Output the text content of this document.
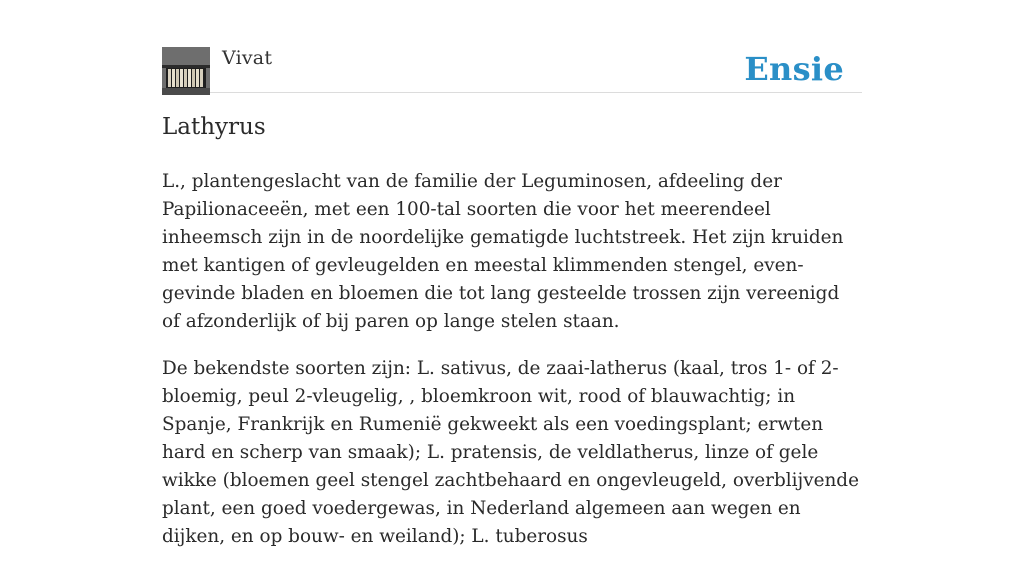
Vivat	Ensie
Lathyrus

L., plantengeslacht van de familie der Leguminosen, afdeeling der Papilionaceeën, met een 100-tal soorten die voor het meerendeel inheemsch zijn in de noordelijke gematigde luchtstreek. Het zijn kruiden met kantigen of gevleugelden en meestal klimmenden stengel, even-gevinde bladen en bloemen die tot lang gesteelde trossen zijn vereenigd of afzonderlijk of bij paren op lange stelen staan.

De bekendste soorten zijn: L. sativus, de zaai-latherus (kaal, tros 1- of 2-bloemig, peul 2-vleugelig, , bloemkroon wit, rood of blauwachtig; in Spanje, Frankrijk en Rumenië gekweekt als een voedingsplant; erwten hard en scherp van smaak); L. pratensis, de veldlatherus, linze of gele wikke (bloemen geel stengel zachtbehaard en ongevleugeld, overblijvende plant, een goed voedergewas, in Nederland algemeen aan wegen en dijken, en op bouw- en weiland); L. tuberosus
